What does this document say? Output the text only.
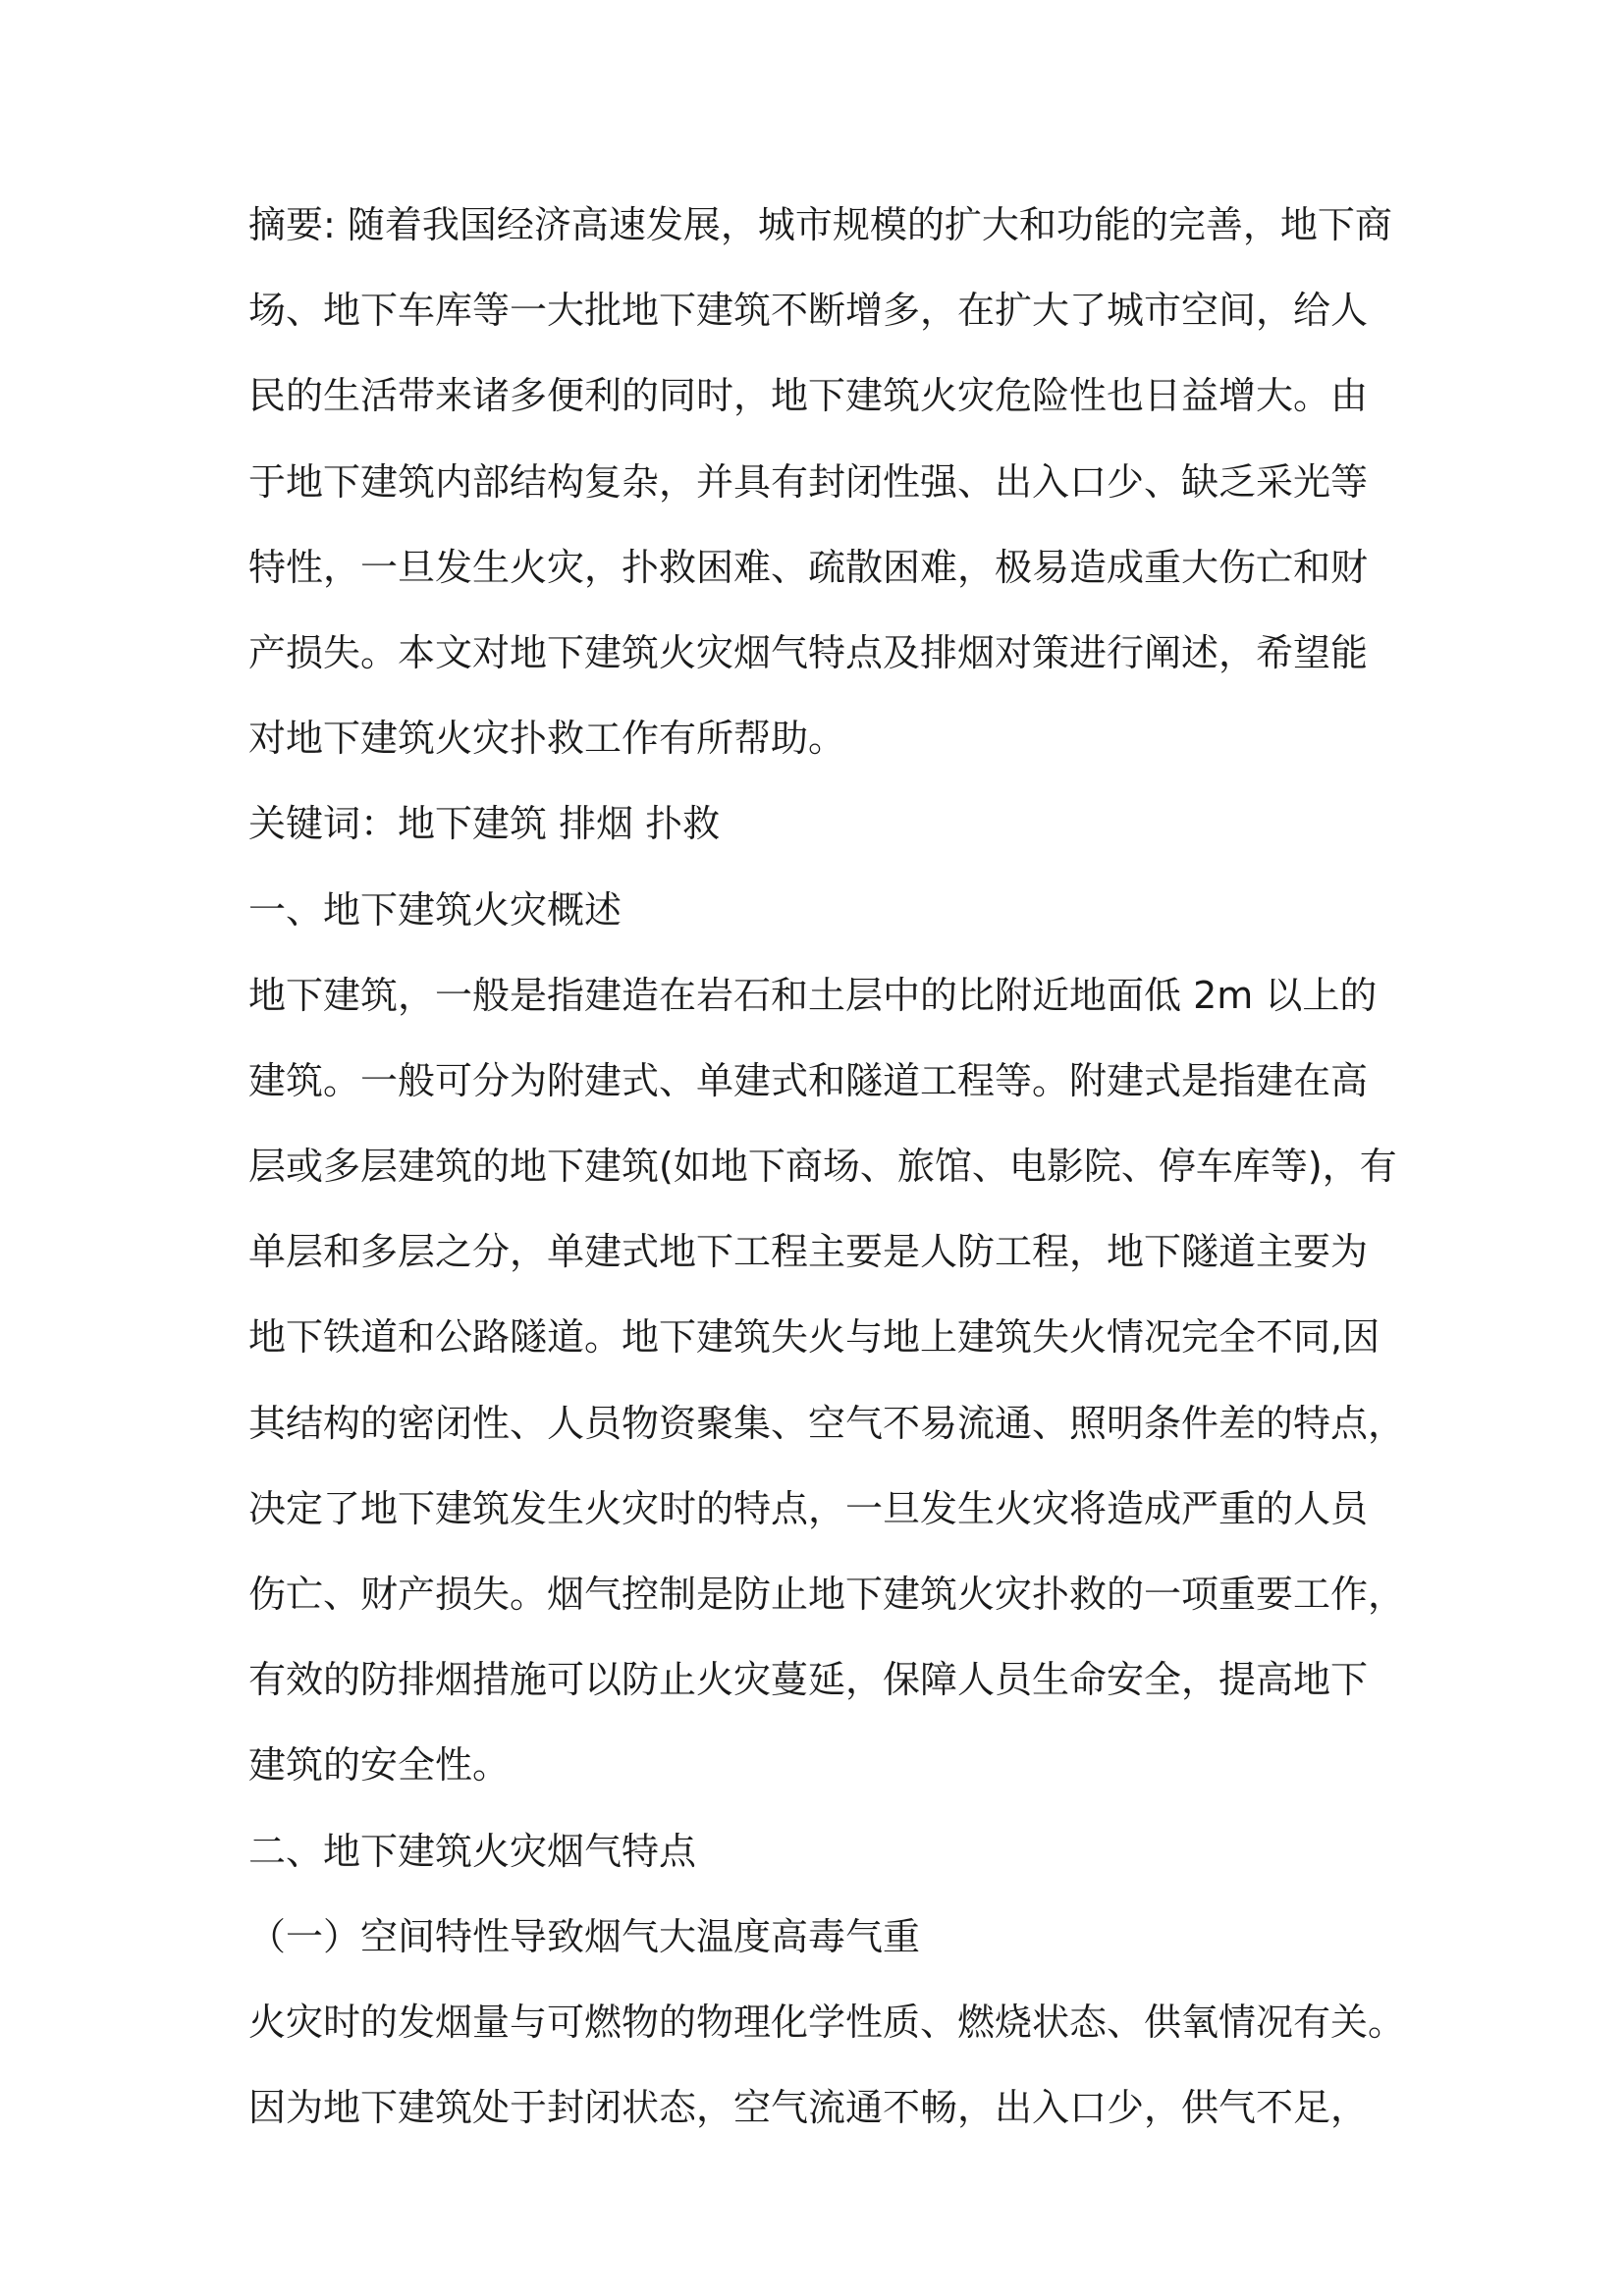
摘要: 随着我国经济高速发展，城市规模的扩大和功能的完善，地下商
场、地下车库等一大批地下建筑不断增多，在扩大了城市空间，给人
民的生活带来诸多便利的同时，地下建筑火灾危险性也日益增大。由
于地下建筑内部结构复杂，并具有封闭性强、出入口少、缺乏采光等
特性，一旦发生火灾，扑救困难、疏散困难，极易造成重大伤亡和财
产损失。本文对地下建筑火灾烟气特点及排烟对策进行阐述，希望能
对地下建筑火灾扑救工作有所帮助。
关键词：地下建筑 排烟 扑救
一、地下建筑火灾概述
地下建筑，一般是指建造在岩石和土层中的比附近地面低 2m 以上的
建筑。一般可分为附建式、单建式和隧道工程等。附建式是指建在高
层或多层建筑的地下建筑(如地下商场、旅馆、电影院、停车库等)，有
单层和多层之分，单建式地下工程主要是人防工程，地下隧道主要为
地下铁道和公路隧道。地下建筑失火与地上建筑失火情况完全不同,因
其结构的密闭性、人员物资聚集、空气不易流通、照明条件差的特点，
决定了地下建筑发生火灾时的特点，一旦发生火灾将造成严重的人员
伤亡、财产损失。烟气控制是防止地下建筑火灾扑救的一项重要工作，
有效的防排烟措施可以防止火灾蔓延，保障人员生命安全，提高地下
建筑的安全性。
二、地下建筑火灾烟气特点
（一）空间特性导致烟气大温度高毒气重
火灾时的发烟量与可燃物的物理化学性质、燃烧状态、供氧情况有关。
因为地下建筑处于封闭状态，空气流通不畅，出入口少，供气不足，
